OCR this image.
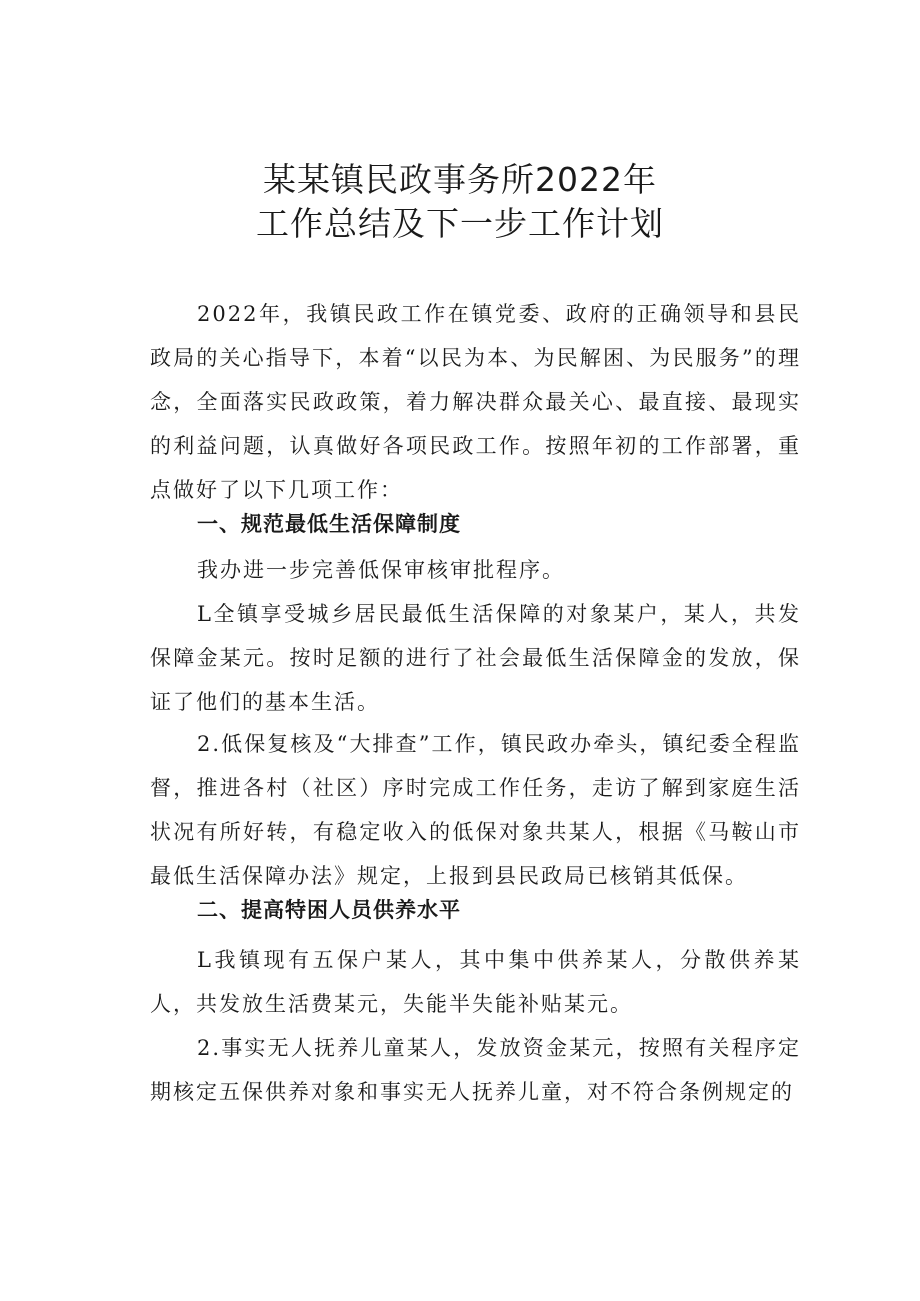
某某镇民政事务所2022年
工作总结及下一步工作计划

2022年，我镇民政工作在镇党委、政府的正确领导和县民政局的关心指导下，本着“以民为本、为民解困、为民服务”的理念，全面落实民政政策，着力解决群众最关心、最直接、最现实的利益问题，认真做好各项民政工作。按照年初的工作部署，重点做好了以下几项工作：

一、规范最低生活保障制度

我办进一步完善低保审核审批程序。

L全镇享受城乡居民最低生活保障的对象某户，某人，共发保障金某元。按时足额的进行了社会最低生活保障金的发放，保证了他们的基本生活。

2.低保复核及“大排查”工作，镇民政办牵头，镇纪委全程监督，推进各村（社区）序时完成工作任务，走访了解到家庭生活状况有所好转，有稳定收入的低保对象共某人，根据《马鞍山市最低生活保障办法》规定，上报到县民政局已核销其低保。

二、提高特困人员供养水平

L我镇现有五保户某人，其中集中供养某人，分散供养某人，共发放生活费某元，失能半失能补贴某元。

2.事实无人抚养儿童某人，发放资金某元，按照有关程序定期核定五保供养对象和事实无人抚养儿童，对不符合条例规定的
